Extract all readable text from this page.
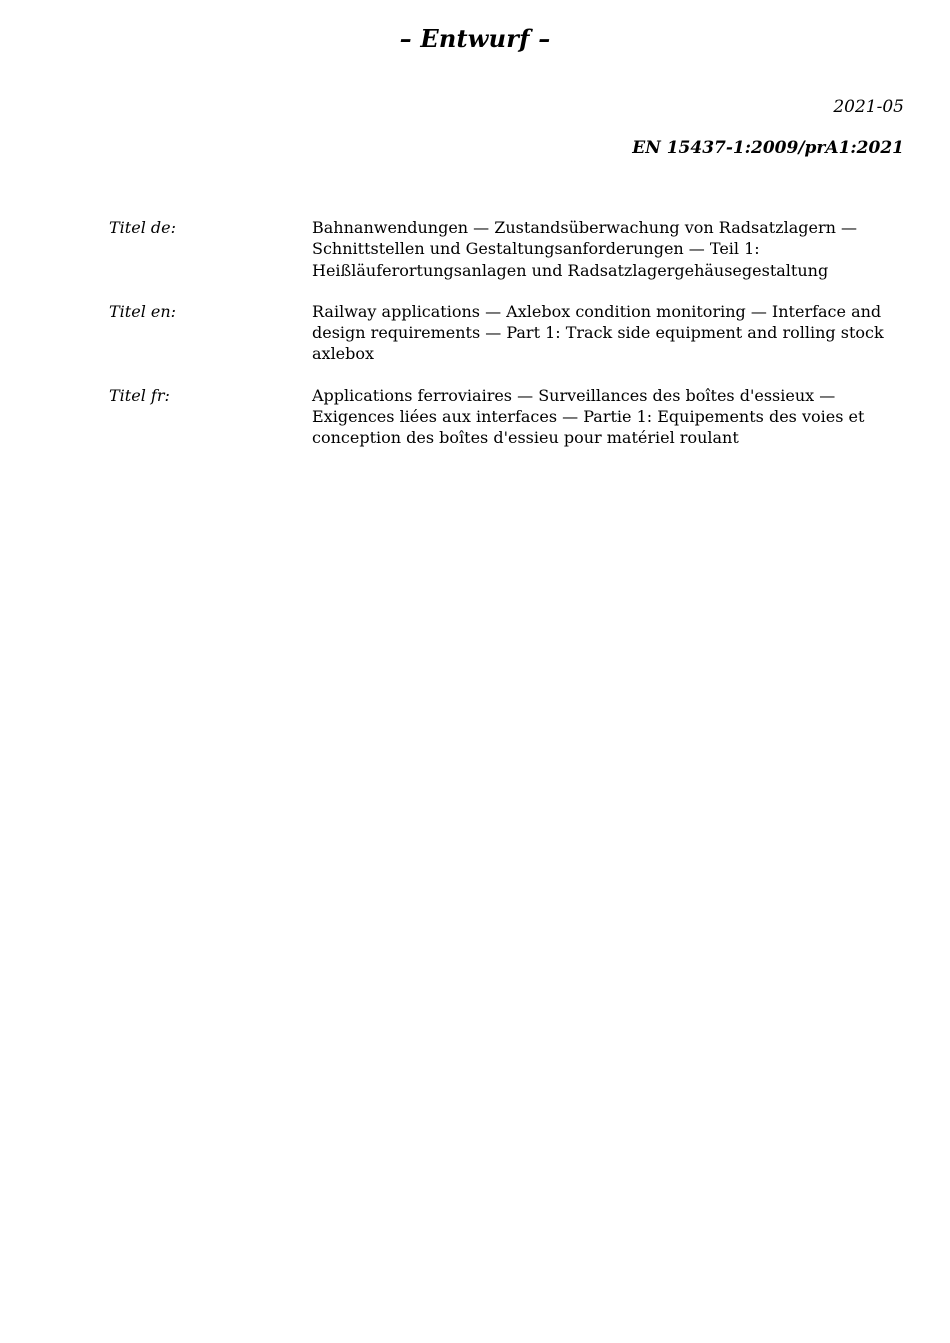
– Entwurf –
2021-05
EN 15437-1:2009/prA1:2021
Titel de:	Bahnanwendungen — Zustandsüberwachung von Radsatzlagern — Schnittstellen und Gestaltungsanforderungen — Teil 1: Heißläuferortungsanlagen und Radsatzlagergehäusegestaltung
Titel en:	Railway applications — Axlebox condition monitoring — Interface and design requirements — Part 1: Track side equipment and rolling stock axlebox
Titel fr:	Applications ferroviaires — Surveillances des boîtes d'essieux — Exigences liées aux interfaces — Partie 1: Equipements des voies et conception des boîtes d'essieu pour matériel roulant
